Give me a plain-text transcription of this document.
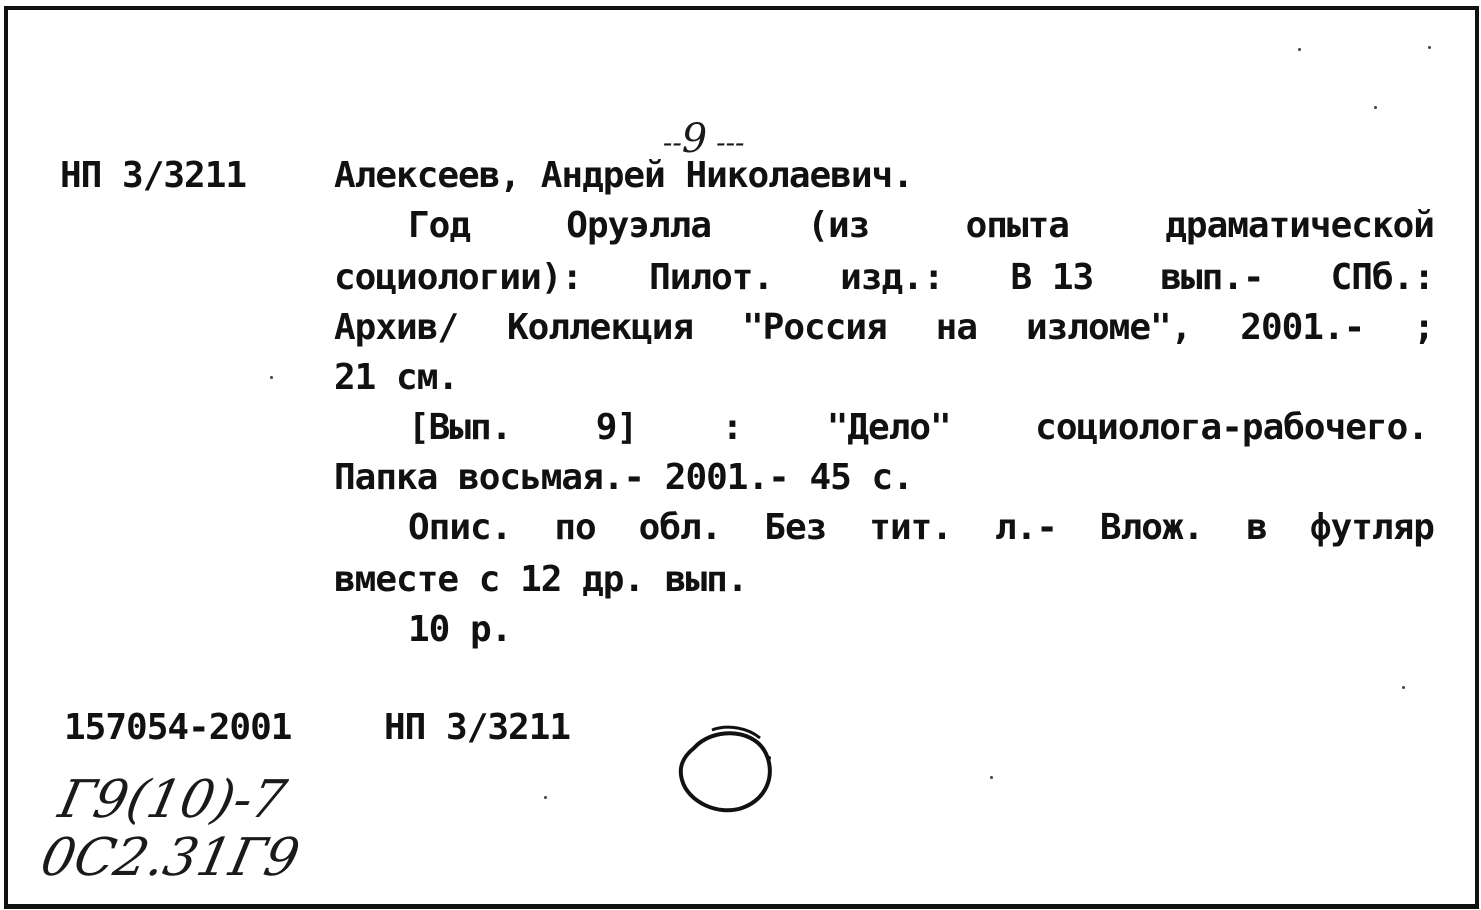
--9 ---

НП 3/3211 Алексеев, Андрей Николаевич.
Год	Оруэлла	(из	опыта	драматической
социологии): Пилот. изд.: В 13 вып.- СПб.:
Архив/ Коллекция "Россия на изломе", 2001.- ;
21 см.
[Вып. 9] : "Дело" социолога-рабочего.
Папка восьмая.- 2001.- 45 с.
Опис. по обл. Без тит. л.- Влож. в футляр
вместе с 12 др. вып.
10 р.
157054-2001	НП 3/3211
Г9(10)-7
0С2.31Г9
